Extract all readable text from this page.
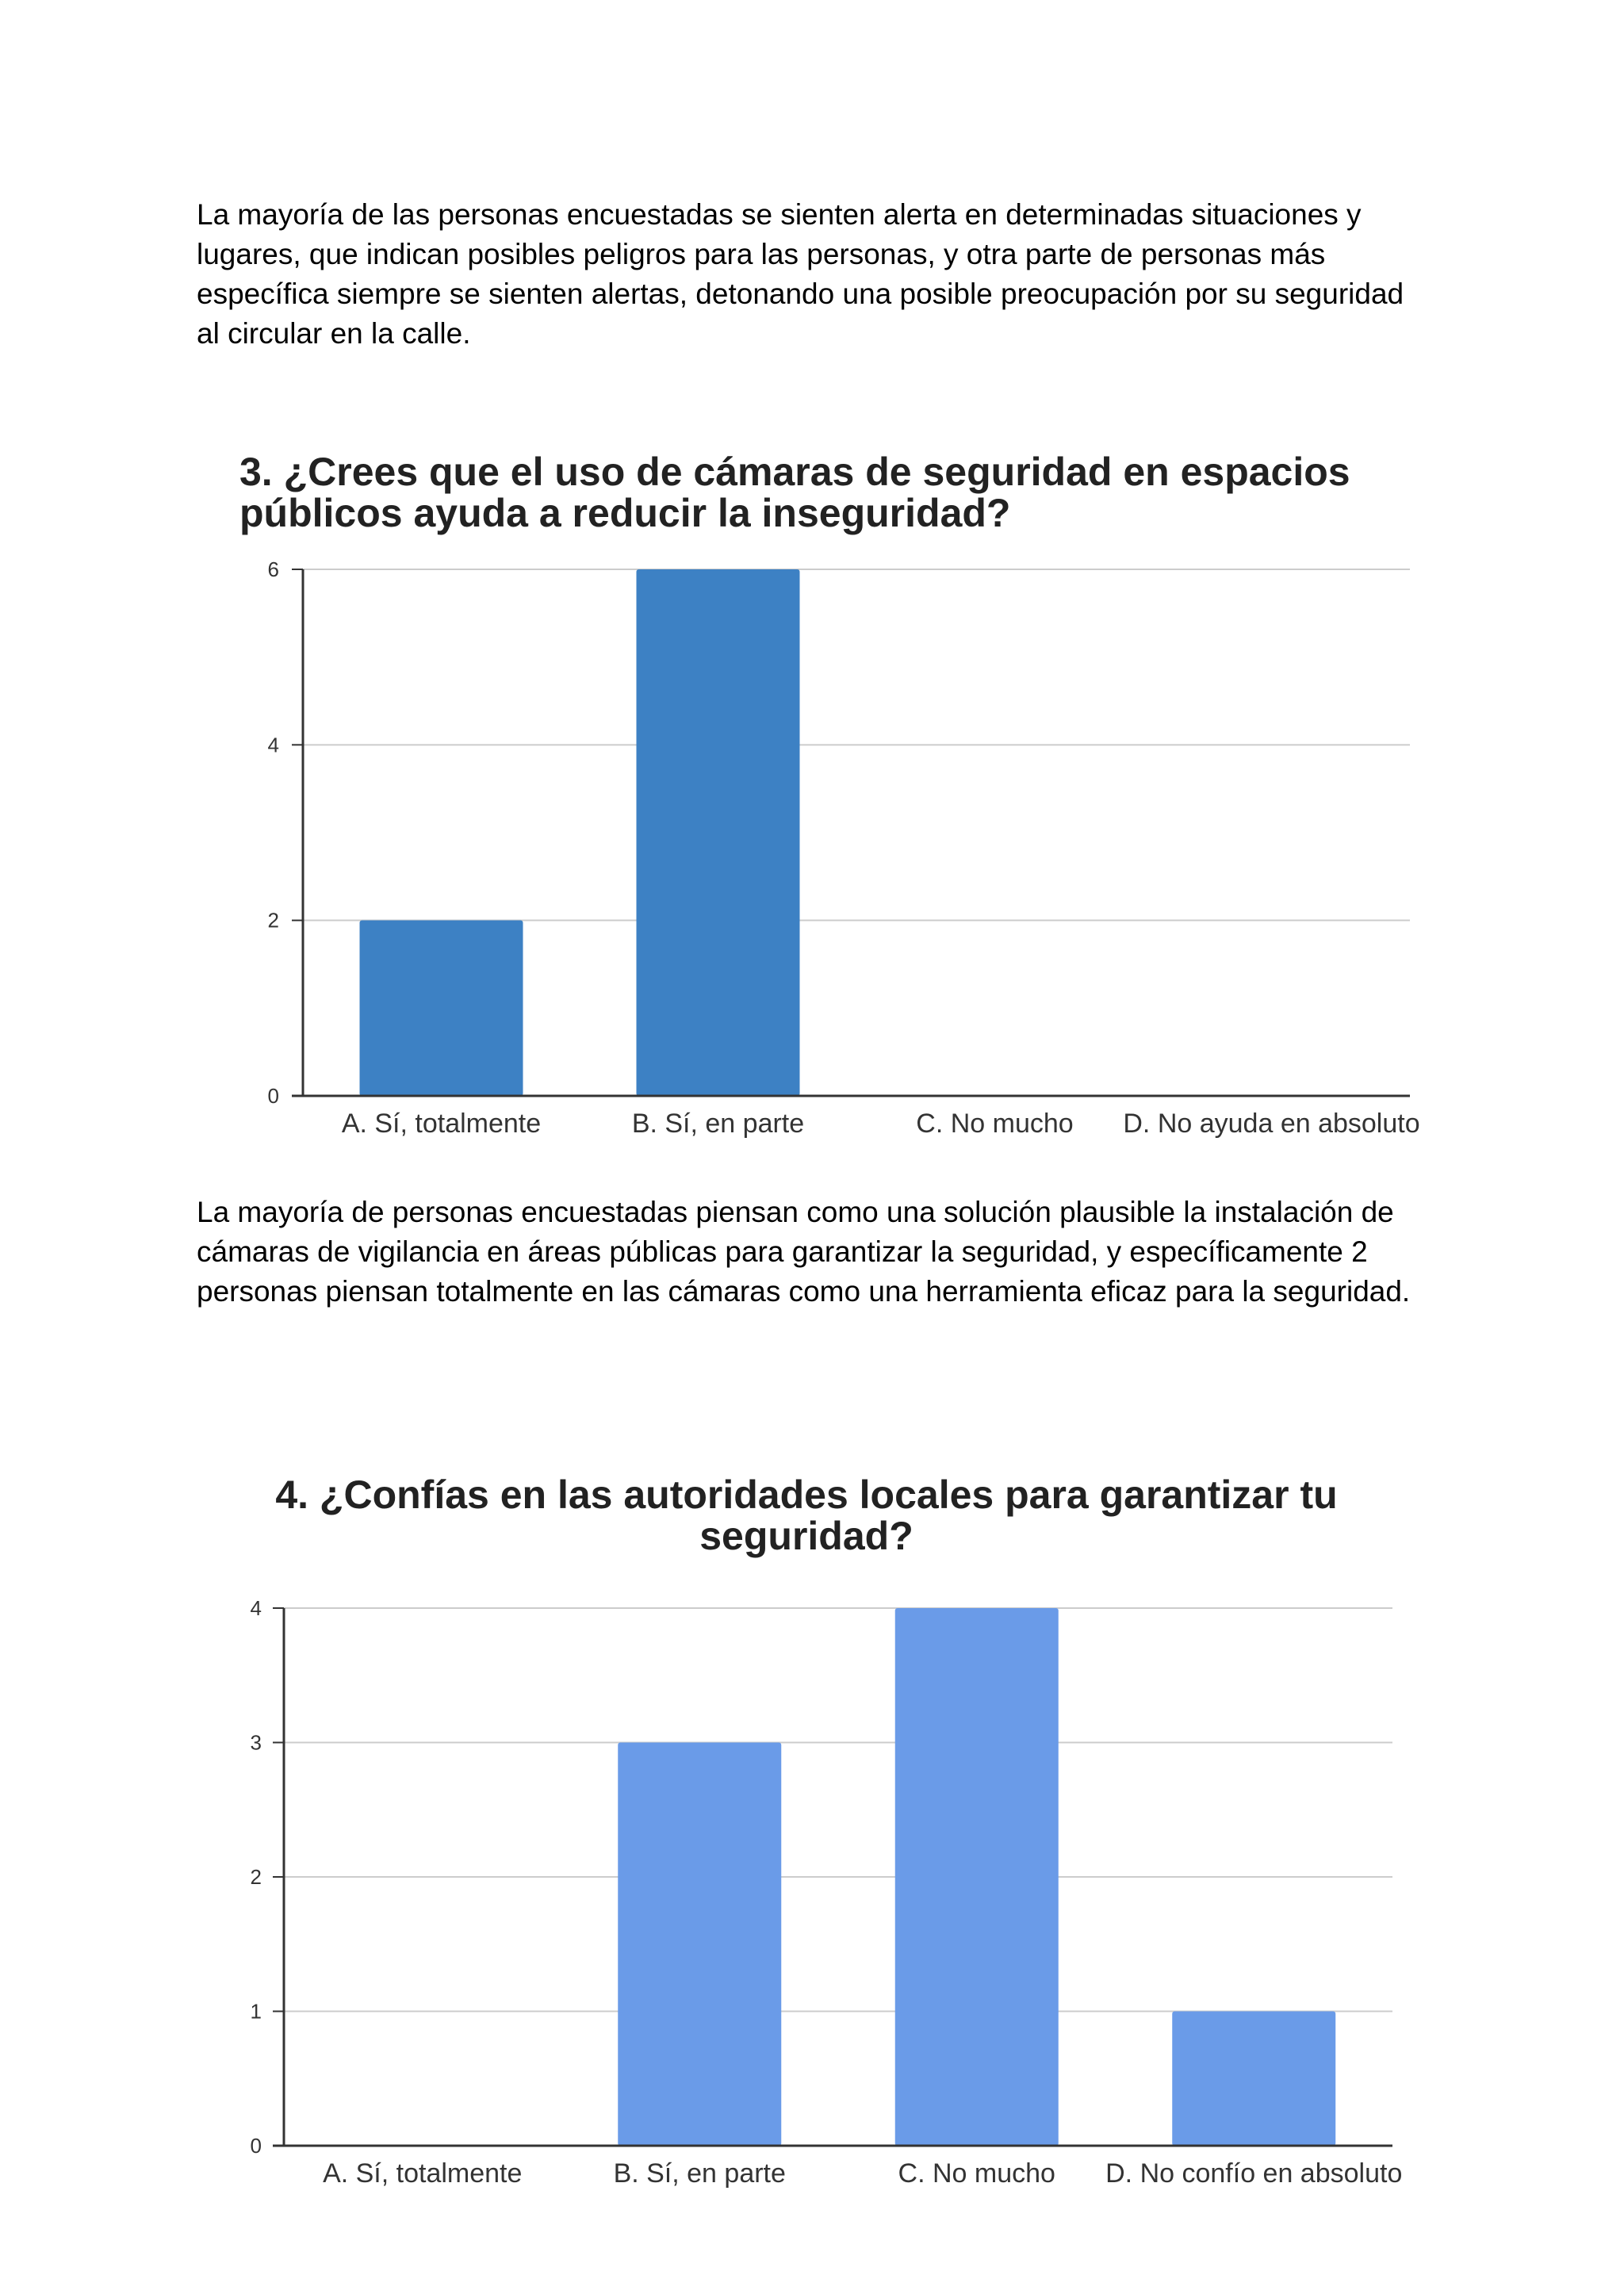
La mayoría de las personas encuestadas se sienten alerta en determinadas situaciones y lugares, que indican posibles peligros para las personas, y otra parte de personas más específica siempre se sienten alertas, detonando una posible preocupación por su seguridad al circular en la calle.

3. ¿Crees que el uso de cámaras de seguridad en espacios
públicos ayuda a reducir la inseguridad?
0
2
4
6
A. Sí, totalmente	B. Sí, en parte	C. No mucho D. No ayuda en absoluto

La mayoría de personas encuestadas piensan como una solución plausible la instalación de cámaras de vigilancia en áreas públicas para garantizar la seguridad, y específicamente 2 personas piensan totalmente en las cámaras como una herramienta eficaz para la seguridad.

4. ¿Confías en las autoridades locales para garantizar tu
seguridad?
0
1
2
3
4
A. Sí, totalmente	B. Sí, en parte	C. No mucho D. No confío en absoluto
